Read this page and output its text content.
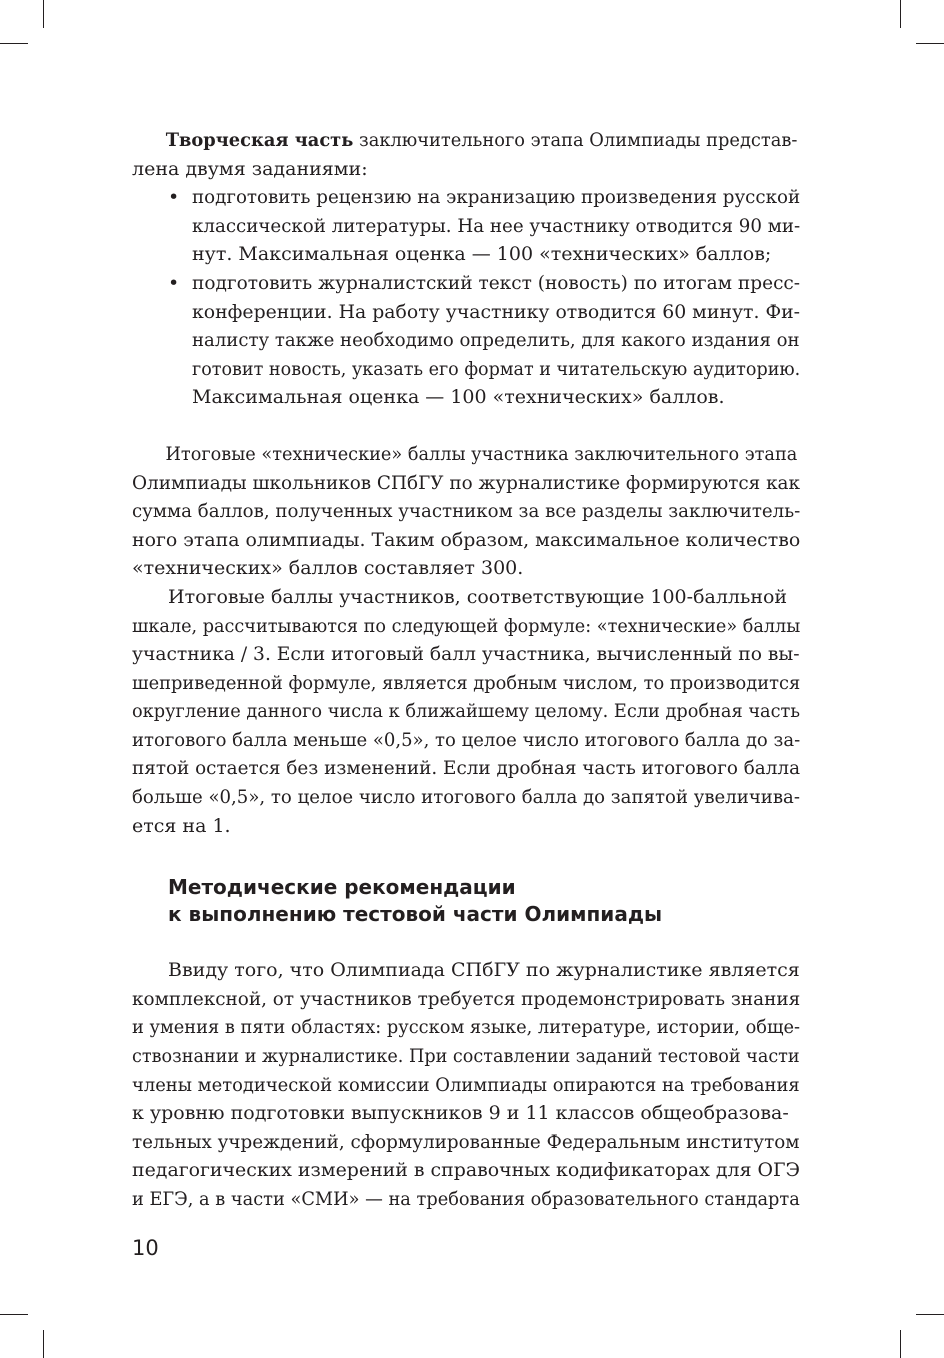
Творческая часть заключительного этапа Олимпиады представ-
лена двумя заданиями:
• подготовить рецензию на экранизацию произведения русской
классической литературы. На нее участнику отводится 90 ми-
нут. Максимальная оценка — 100 «технических» баллов;
• подготовить журналистский текст (новость) по итогам пресс-
конференции. На работу участнику отводится 60 минут. Фи-
налисту также необходимо определить, для какого издания он
готовит новость, указать его формат и читательскую аудиторию.
Максимальная оценка — 100 «технических» баллов.
Итоговые «технические» баллы участника заключительного этапа
Олимпиады школьников СПбГУ по журналистике формируются как
сумма баллов, полученных участником за все разделы заключитель-
ного этапа олимпиады. Таким образом, максимальное количество
«технических» баллов составляет 300.
Итоговые баллы участников, соответствующие 100-балльной
шкале, рассчитываются по следующей формуле: «технические» баллы
участника / 3. Если итоговый балл участника, вычисленный по вы-
шеприведенной формуле, является дробным числом, то производится
округление данного числа к ближайшему целому. Если дробная часть
итогового балла меньше «0,5», то целое число итогового балла до за-
пятой остается без изменений. Если дробная часть итогового балла
больше «0,5», то целое число итогового балла до запятой увеличива-
ется на 1.
Методические рекомендации
к выполнению тестовой части Олимпиады
Ввиду того, что Олимпиада СПбГУ по журналистике является
комплексной, от участников требуется продемонстрировать знания
и умения в пяти областях: русском языке, литературе, истории, обще-
ствознании и журналистике. При составлении заданий тестовой части
члены методической комиссии Олимпиады опираются на требования
к уровню подготовки выпускников 9 и 11 классов общеобразова-
тельных учреждений, сформулированные Федеральным институтом
педагогических измерений в справочных кодификаторах для ОГЭ
и ЕГЭ, а в части «СМИ» — на требования образовательного стандарта
10
